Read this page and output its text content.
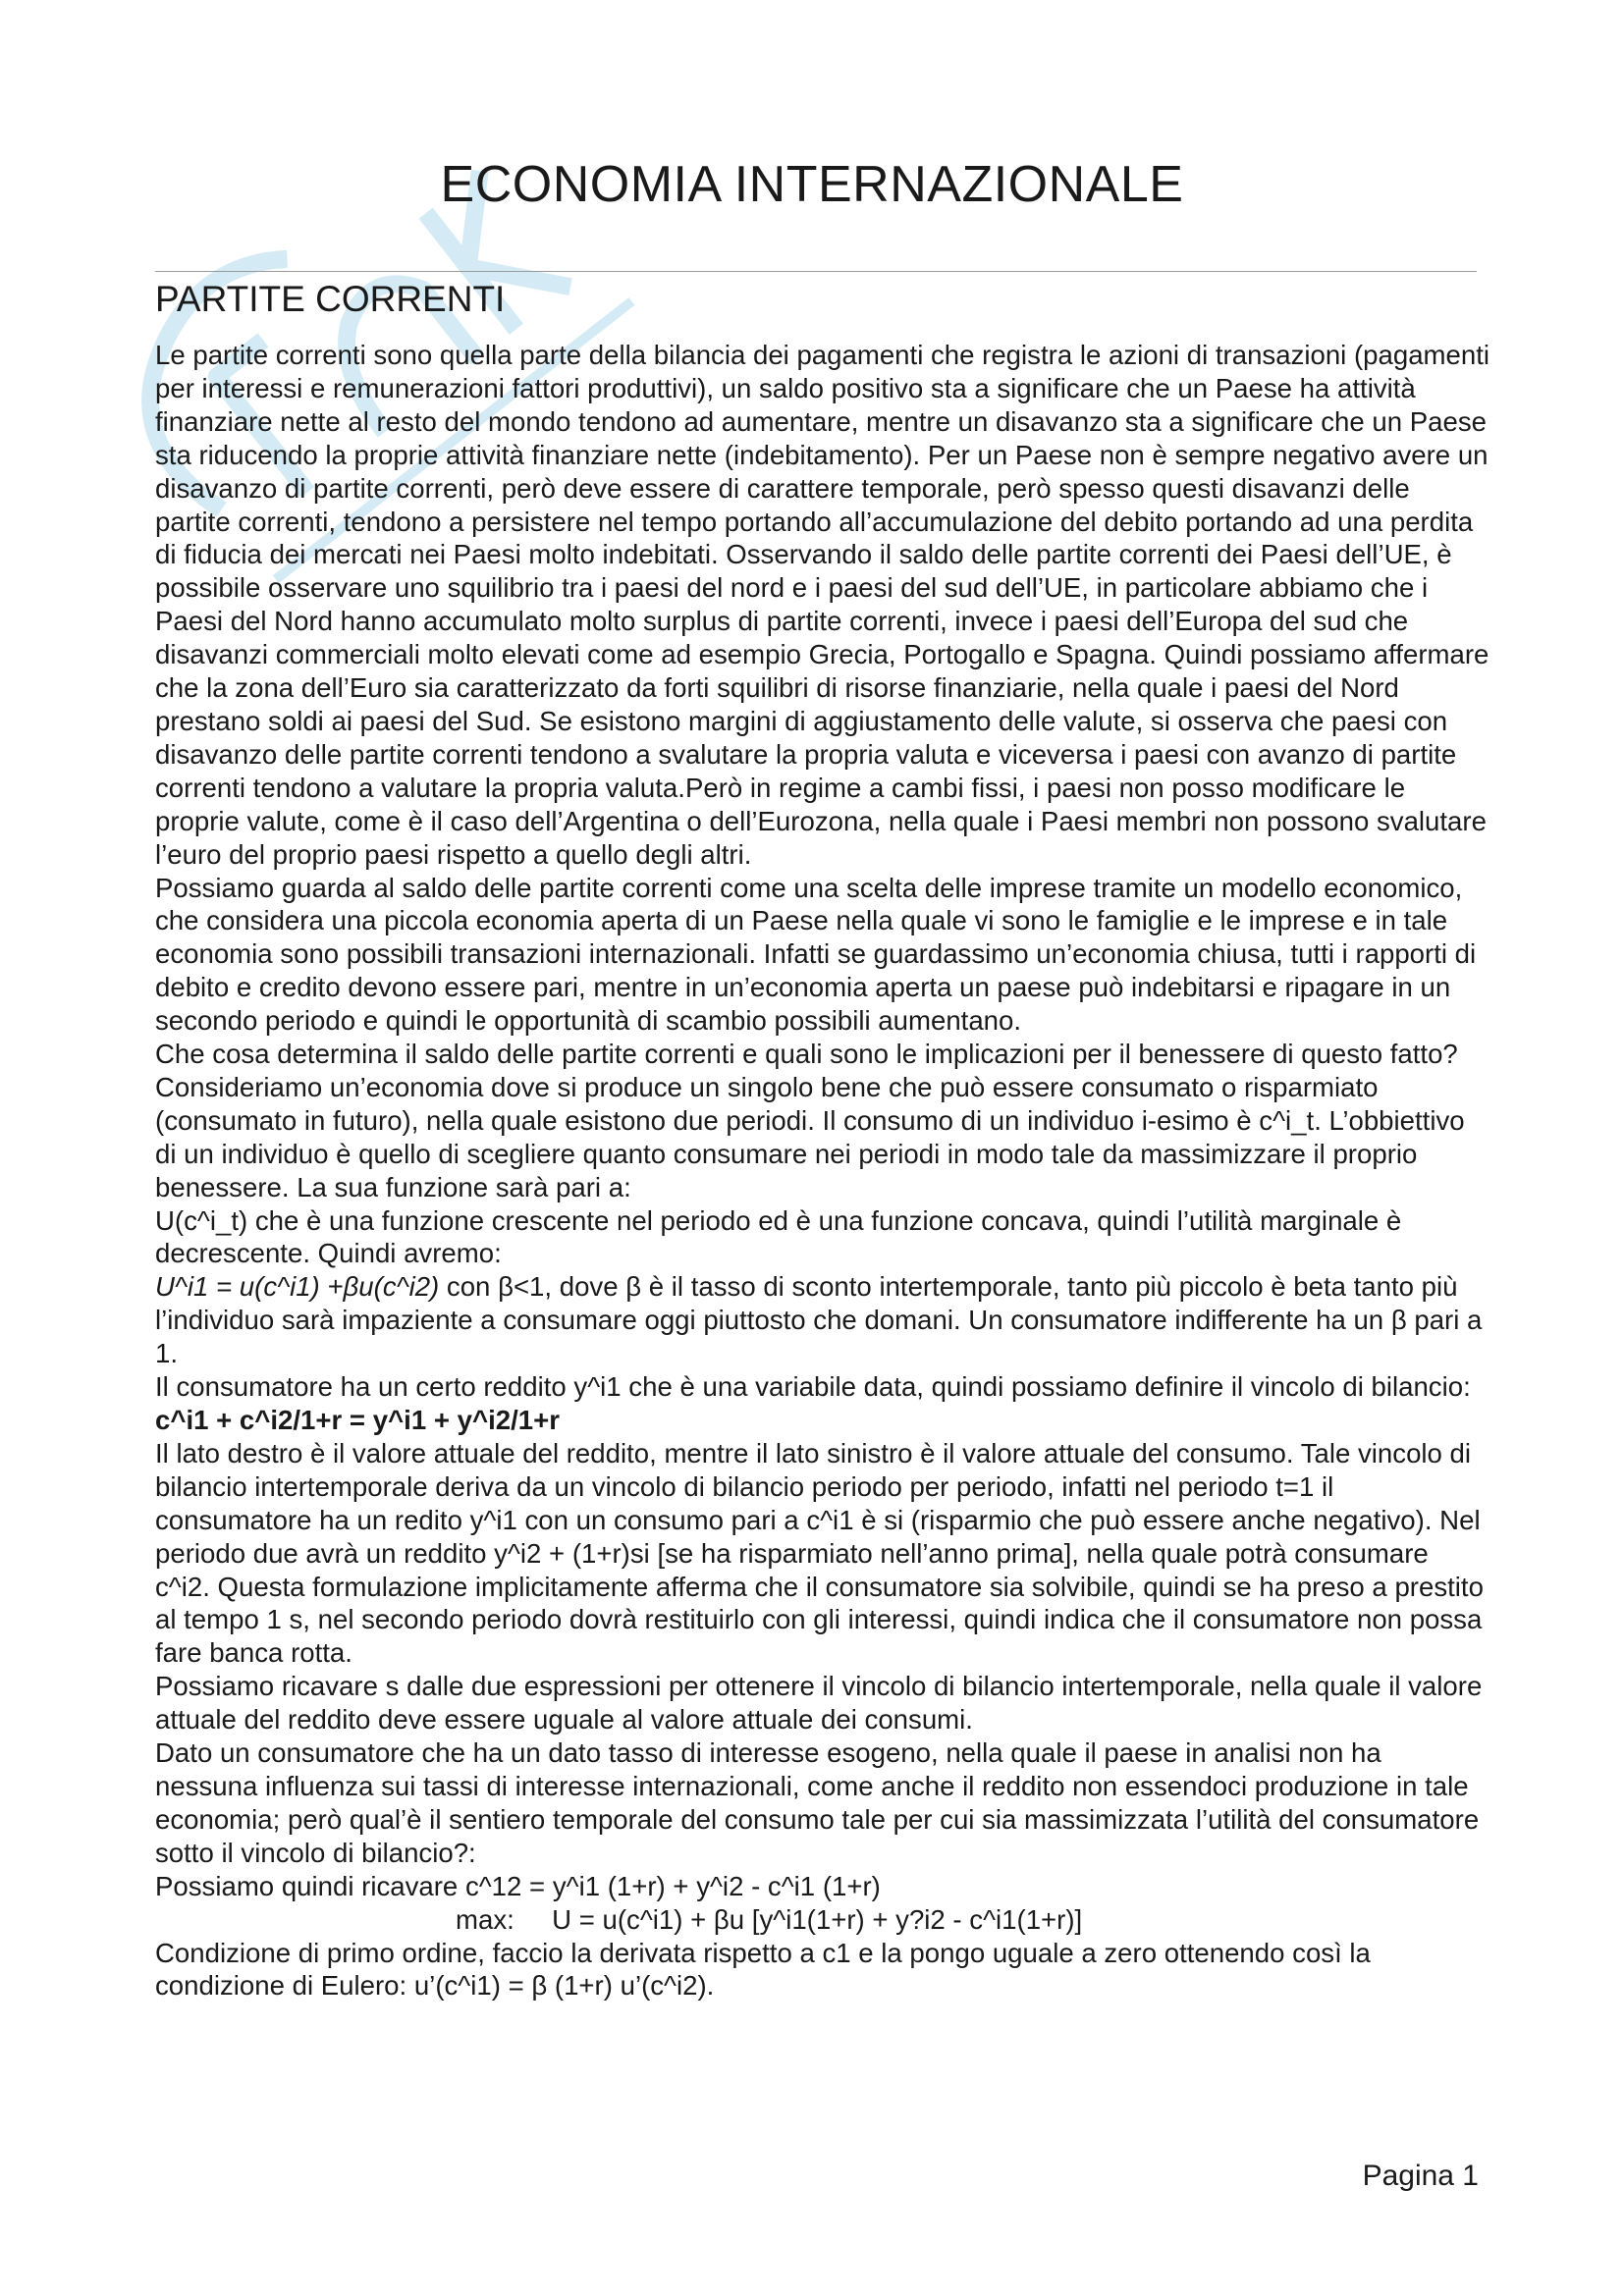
ECONOMIA INTERNAZIONALE
PARTITE CORRENTI

Le partite correnti sono quella parte della bilancia dei pagamenti che registra le azioni di transazioni (pagamenti per interessi e remunerazioni fattori produttivi), un saldo positivo sta a significare che un Paese ha attività finanziare nette al resto del mondo tendono ad aumentare, mentre un disavanzo sta a significare che un Paese sta riducendo la proprie attività finanziare nette (indebitamento). Per un Paese non è sempre negativo avere un disavanzo di partite correnti, però deve essere di carattere temporale, però spesso questi disavanzi delle partite correnti, tendono a persistere nel tempo portando all’accumulazione del debito portando ad una perdita di fiducia dei mercati nei Paesi molto indebitati. Osservando il saldo delle partite correnti dei Paesi dell’UE, è possibile osservare uno squilibrio tra i paesi del nord e i paesi del sud dell’UE, in particolare abbiamo che i Paesi del Nord hanno accumulato molto surplus di partite correnti, invece i paesi dell’Europa del sud che disavanzi commerciali molto elevati come ad esempio Grecia, Portogallo e Spagna. Quindi possiamo affermare che la zona dell’Euro sia caratterizzato da forti squilibri di risorse finanziarie, nella quale i paesi del Nord prestano soldi ai paesi del Sud. Se esistono margini di aggiustamento delle valute, si osserva che paesi con disavanzo delle partite correnti tendono a svalutare la propria valuta e viceversa i paesi con avanzo di partite correnti tendono a valutare la propria valuta.Però in regime a cambi fissi, i paesi non posso modificare le proprie valute, come è il caso dell’Argentina o dell’Eurozona, nella quale i Paesi membri non possono svalutare l’euro del proprio paesi rispetto a quello degli altri.

Possiamo guarda al saldo delle partite correnti come una scelta delle imprese tramite un modello economico, che considera una piccola economia aperta di un Paese nella quale vi sono le famiglie e le imprese e in tale economia sono possibili transazioni internazionali. Infatti se guardassimo un’economia chiusa, tutti i rapporti di debito e credito devono essere pari, mentre in un’economia aperta un paese può indebitarsi e ripagare in un secondo periodo e quindi le opportunità di scambio possibili aumentano.

Che cosa determina il saldo delle partite correnti e quali sono le implicazioni per il benessere di questo fatto?

Consideriamo un’economia dove si produce un singolo bene che può essere consumato o risparmiato (consumato in futuro), nella quale esistono due periodi. Il consumo di un individuo i-esimo è c^i_t. L’obbiettivo di un individuo è quello di scegliere quanto consumare nei periodi in modo tale da massimizzare il proprio benessere. La sua funzione sarà pari a:

U(c^i_t) che è una funzione crescente nel periodo ed è una funzione concava, quindi l’utilità marginale è decrescente. Quindi avremo:

U^i1 = u(c^i1) +βu(c^i2) con β<1, dove β è il tasso di sconto intertemporale, tanto più piccolo è beta tanto più l’individuo sarà impaziente a consumare oggi piuttosto che domani. Un consumatore indifferente ha un β pari a 1.

Il consumatore ha un certo reddito y^i1 che è una variabile data, quindi possiamo definire il vincolo di bilancio:

c^i1 + c^i2/1+r = y^i1 + y^i2/1+r

Il lato destro è il valore attuale del reddito, mentre il lato sinistro è il valore attuale del consumo. Tale vincolo di bilancio intertemporale deriva da un vincolo di bilancio periodo per periodo, infatti nel periodo t=1 il consumatore ha un redito y^i1 con un consumo pari a c^i1 è si (risparmio che può essere anche negativo). Nel periodo due avrà un reddito y^i2 + (1+r)si [se ha risparmiato nell’anno prima], nella quale potrà consumare c^i2. Questa formulazione implicitamente afferma che il consumatore sia solvibile, quindi se ha preso a prestito al tempo 1 s, nel secondo periodo dovrà restituirlo con gli interessi, quindi indica che il consumatore non possa fare banca rotta.

Possiamo ricavare s dalle due espressioni per ottenere il vincolo di bilancio intertemporale, nella quale il valore attuale del reddito deve essere uguale al valore attuale dei consumi.

Dato un consumatore che ha un dato tasso di interesse esogeno, nella quale il paese in analisi non ha nessuna influenza sui tassi di interesse internazionali, come anche il reddito non essendoci produzione in tale economia; però qual’è il sentiero temporale del consumo tale per cui sia massimizzata l’utilità del consumatore sotto il vincolo di bilancio?:

Possiamo quindi ricavare c^12 = y^i1 (1+r) + y^i2 - c^i1 (1+r)

max:     U = u(c^i1) + βu [y^i1(1+r) + y?i2 - c^i1(1+r)]

Condizione di primo ordine, faccio la derivata rispetto a c1 e la pongo uguale a zero ottenendo così la condizione di Eulero: u’(c^i1) = β (1+r) u’(c^i2).

Pagina 1
